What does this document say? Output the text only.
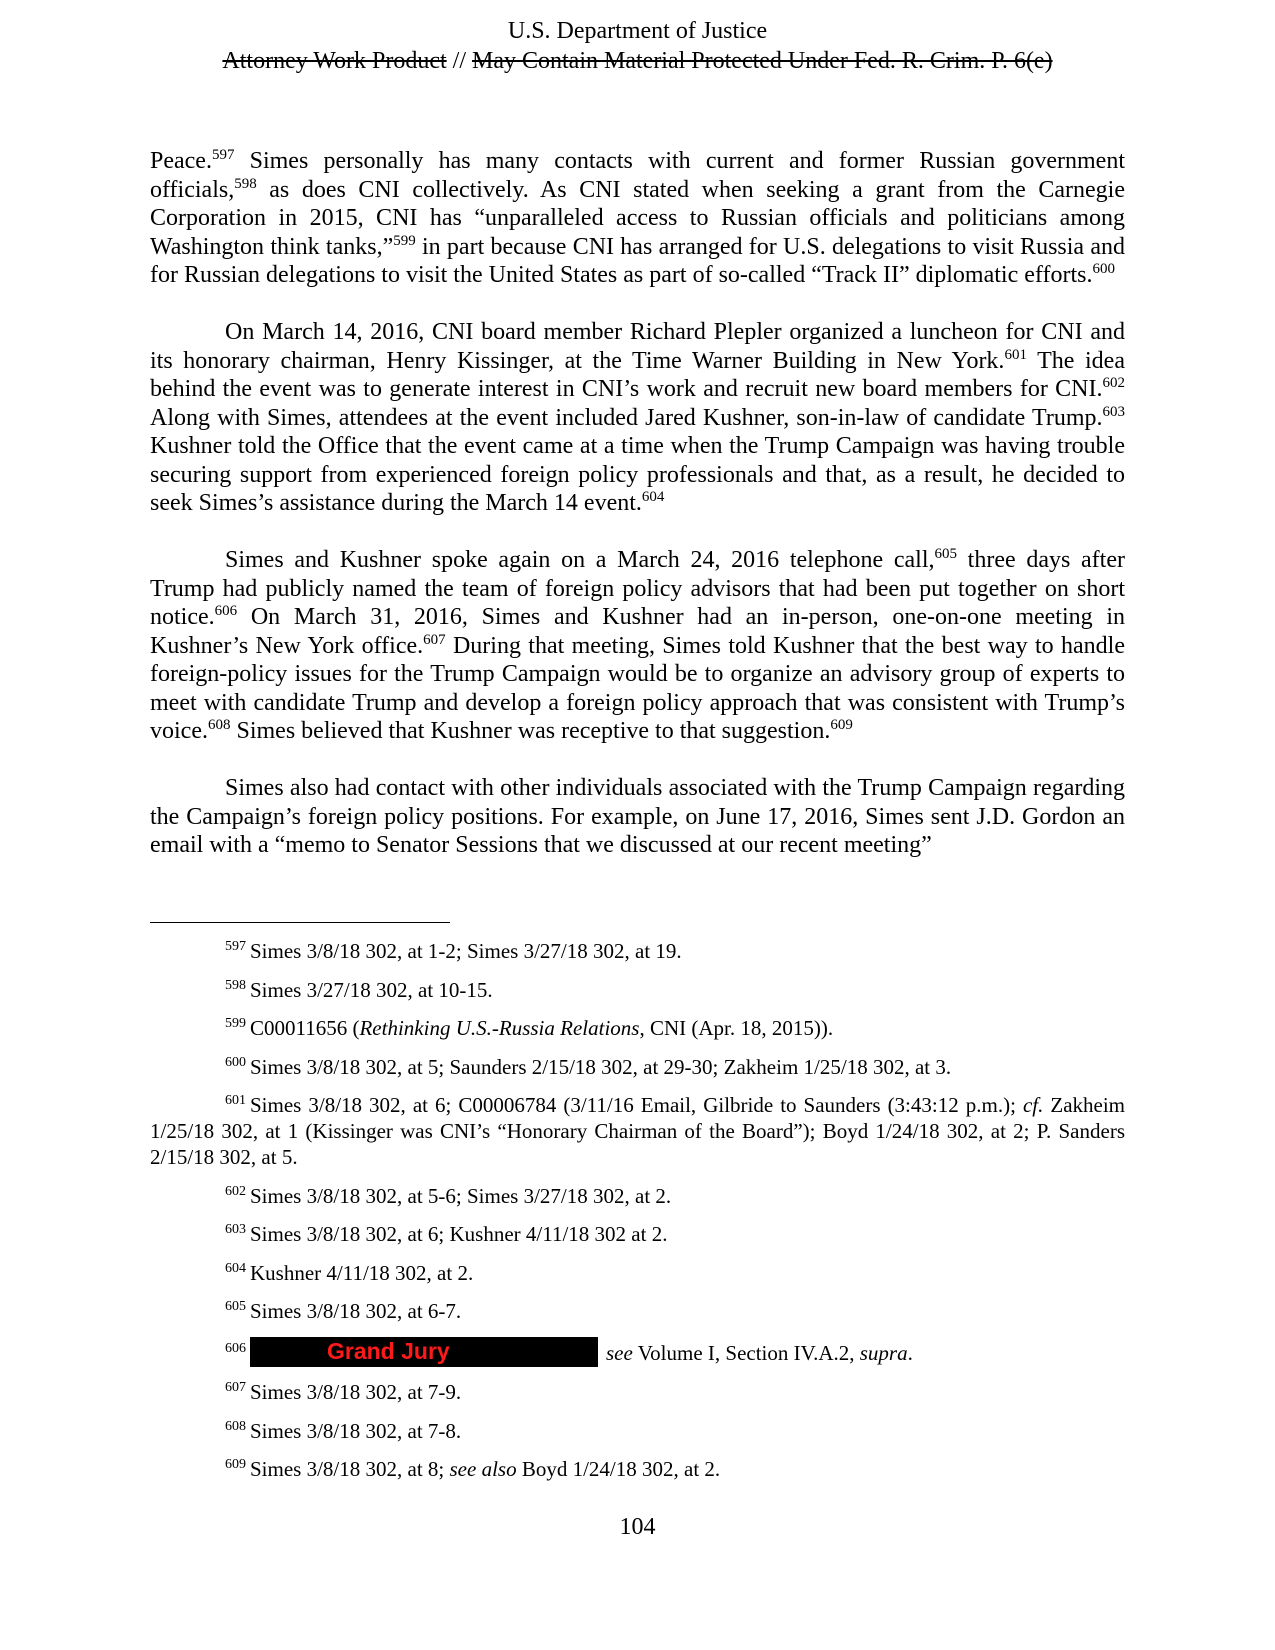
U.S. Department of Justice
Attorney Work Product // May Contain Material Protected Under Fed. R. Crim. P. 6(e)

Peace.$^{597}$ Simes personally has many contacts with current and former Russian government officials,$^{598}$ as does CNI collectively. As CNI stated when seeking a grant from the Carnegie Corporation in 2015, CNI has “unparalleled access to Russian officials and politicians among Washington think tanks,”$^{599}$ in part because CNI has arranged for U.S. delegations to visit Russia and for Russian delegations to visit the United States as part of so-called “Track II” diplomatic efforts.$^{600}$

On March 14, 2016, CNI board member Richard Plepler organized a luncheon for CNI and its honorary chairman, Henry Kissinger, at the Time Warner Building in New York.$^{601}$ The idea behind the event was to generate interest in CNI’s work and recruit new board members for CNI.$^{602}$ Along with Simes, attendees at the event included Jared Kushner, son-in-law of candidate Trump.$^{603}$ Kushner told the Office that the event came at a time when the Trump Campaign was having trouble securing support from experienced foreign policy professionals and that, as a result, he decided to seek Simes’s assistance during the March 14 event.$^{604}$

Simes and Kushner spoke again on a March 24, 2016 telephone call,$^{605}$ three days after Trump had publicly named the team of foreign policy advisors that had been put together on short notice.$^{606}$ On March 31, 2016, Simes and Kushner had an in-person, one-on-one meeting in Kushner’s New York office.$^{607}$ During that meeting, Simes told Kushner that the best way to handle foreign-policy issues for the Trump Campaign would be to organize an advisory group of experts to meet with candidate Trump and develop a foreign policy approach that was consistent with Trump’s voice.$^{608}$ Simes believed that Kushner was receptive to that suggestion.$^{609}$

Simes also had contact with other individuals associated with the Trump Campaign regarding the Campaign’s foreign policy positions. For example, on June 17, 2016, Simes sent J.D. Gordon an email with a “memo to Senator Sessions that we discussed at our recent meeting”

$^{597}$ Simes 3/8/18 302, at 1-2; Simes 3/27/18 302, at 19.
$^{598}$ Simes 3/27/18 302, at 10-15.
$^{599}$ C00011656 (Rethinking U.S.-Russia Relations, CNI (Apr. 18, 2015)).
$^{600}$ Simes 3/8/18 302, at 5; Saunders 2/15/18 302, at 29-30; Zakheim 1/25/18 302, at 3.
$^{601}$ Simes 3/8/18 302, at 6; C00006784 (3/11/16 Email, Gilbride to Saunders (3:43:12 p.m.); cf. Zakheim 1/25/18 302, at 1 (Kissinger was CNI’s “Honorary Chairman of the Board”); Boyd 1/24/18 302, at 2; P. Sanders 2/15/18 302, at 5.
$^{602}$ Simes 3/8/18 302, at 5-6; Simes 3/27/18 302, at 2.
$^{603}$ Simes 3/8/18 302, at 6; Kushner 4/11/18 302 at 2.
$^{604}$ Kushner 4/11/18 302, at 2.
$^{605}$ Simes 3/8/18 302, at 6-7.
$^{606}$	Grand Jury	see Volume I, Section IV.A.2, supra.
$^{607}$ Simes 3/8/18 302, at 7-9.
$^{608}$ Simes 3/8/18 302, at 7-8.
$^{609}$ Simes 3/8/18 302, at 8; see also Boyd 1/24/18 302, at 2.
104
